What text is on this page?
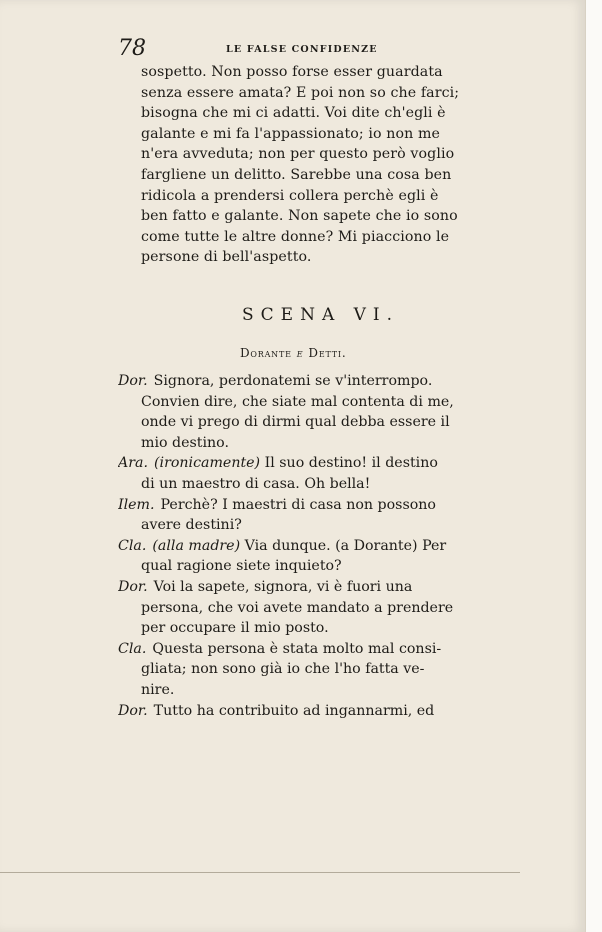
78	LE FALSE CONFIDENZE
sospetto. Non posso forse esser guardata
senza essere amata? E poi non so che farci;
bisogna che mi ci adatti. Voi dite ch'egli è
galante e mi fa l'appassionato; io non me
n'era avveduta; non per questo però voglio
fargliene un delitto. Sarebbe una cosa ben
ridicola a prendersi collera perchè egli è
ben fatto e galante. Non sapete che io sono
come tutte le altre donne? Mi piacciono le
persone di bell'aspetto.
SCENA VI.
Dorante e Detti.
Dor. Signora, perdonatemi se v'interrompo.
Convien dire, che siate mal contenta di me,
onde vi prego di dirmi qual debba essere il
mio destino.
Ara. (ironicamente) Il suo destino! il destino
di un maestro di casa. Oh bella!
Ilem. Perchè? I maestri di casa non possono
avere destini?
Cla. (alla madre) Via dunque. (a Dorante) Per
qual ragione siete inquieto?
Dor. Voi la sapete, signora, vi è fuori una
persona, che voi avete mandato a prendere
per occupare il mio posto.
Cla. Questa persona è stata molto mal consi-
gliata; non sono già io che l'ho fatta ve-
nire.
Dor. Tutto ha contribuito ad ingannarmi, ed
